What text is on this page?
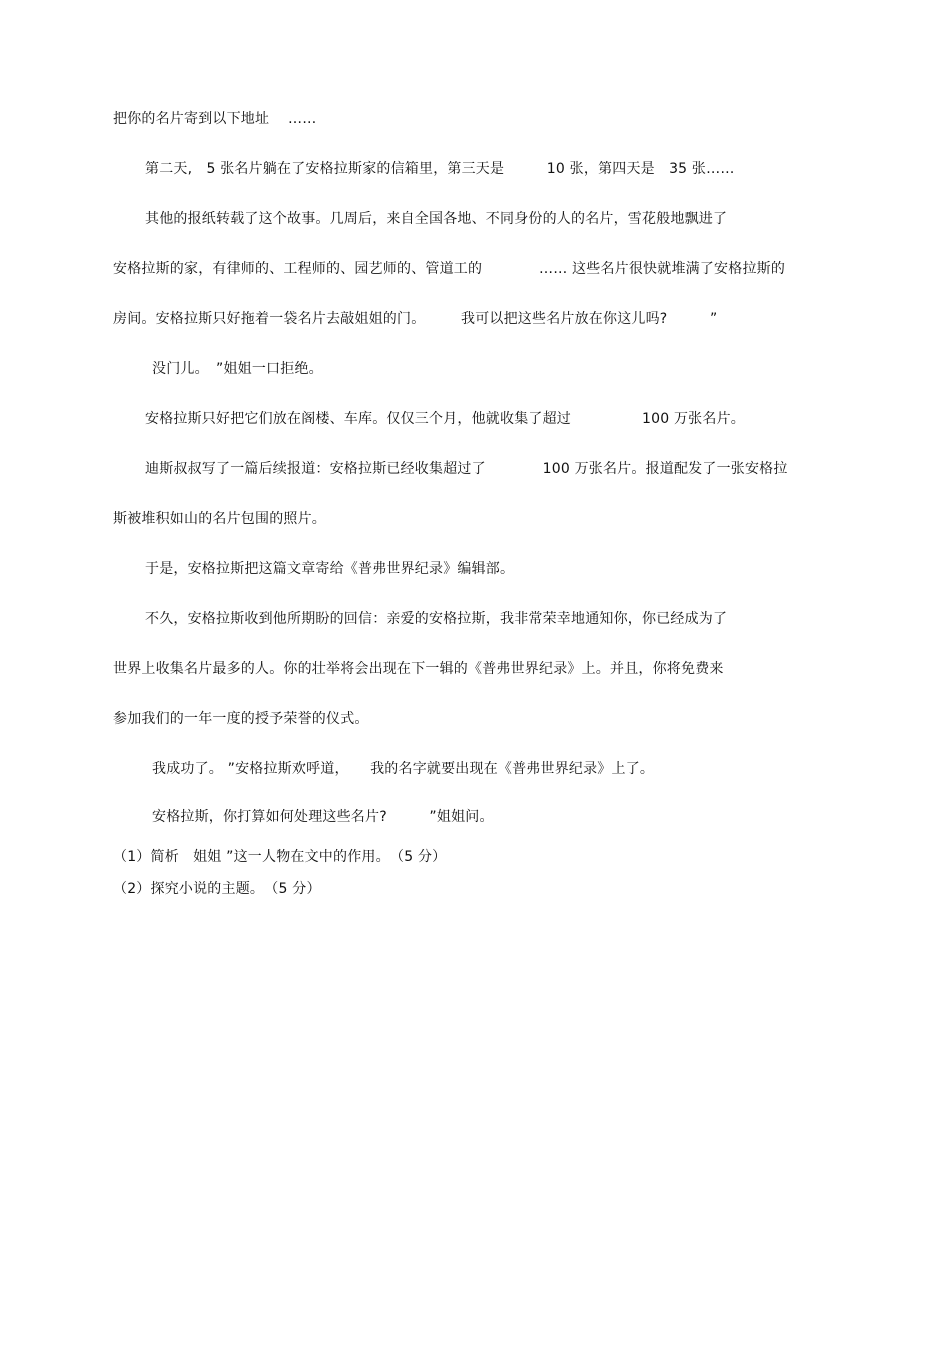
把你的名片寄到以下地址　 ……
第二天,　5 张名片躺在了安格拉斯家的信箱里，第三天是　　　10 张，第四天是　35 张……
其他的报纸转载了这个故事。几周后，来自全国各地、不同身份的人的名片，雪花般地飘进了
安格拉斯的家，有律师的、工程师的、园艺师的、管道工的　　　　…… 这些名片很快就堆满了安格拉斯的
房间。安格拉斯只好拖着一袋名片去敲姐姐的门。　　　我可以把这些名片放在你这儿吗?　　　”
没门儿。　”姐姐一口拒绝。
安格拉斯只好把它们放在阁楼、车库。仅仅三个月，他就收集了超过　　　　　100 万张名片。
迪斯叔叔写了一篇后续报道：安格拉斯已经收集超过了　　　　100 万张名片。报道配发了一张安格拉
斯被堆积如山的名片包围的照片。
于是，安格拉斯把这篇文章寄给《普弗世界纪录》编辑部。
不久，安格拉斯收到他所期盼的回信：亲爱的安格拉斯，我非常荣幸地通知你，你已经成为了
世界上收集名片最多的人。你的壮举将会出现在下一辑的《普弗世界纪录》上。并且，你将免费来
参加我们的一年一度的授予荣誉的仪式。
我成功了。 ”安格拉斯欢呼道，　　我的名字就要出现在《普弗世界纪录》上了。
安格拉斯，你打算如何处理这些名片?　　　”姐姐问。
（1）简析　姐姐 ”这一人物在文中的作用。　（5 分）
（2）探究小说的主题。　（5 分）
